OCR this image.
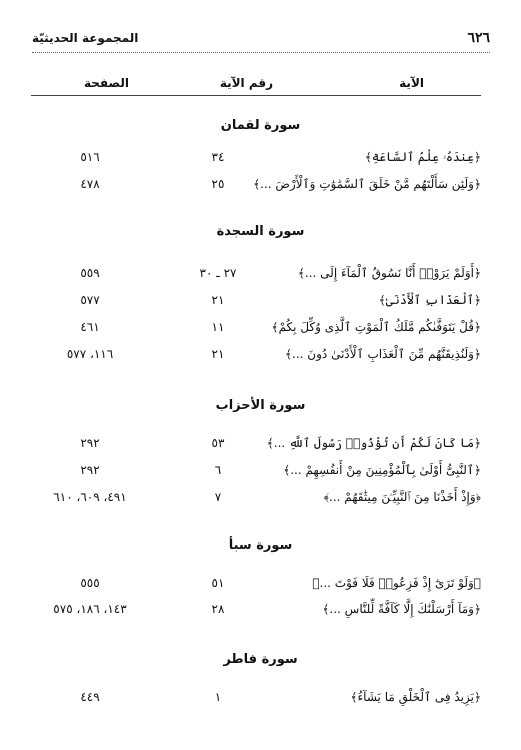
٦٢٦
المجموعة الحديثيّة
الآية
رقم الآية
الصفحة
سورة لقمان
﴿عِندَهُۥ عِلْمُ ٱلسَّاعَةِ﴾
٣٤
٥١٦
﴿وَلَئِن سَأَلْتَهُم مَّنْ خَلَقَ ٱلسَّمَٰوَٰتِ وَٱلْأَرْضَ ...﴾
٢٥
٤٧٨
سورة السجدة
﴿أَوَلَمْ يَرَوْا۟ أَنَّا نَسُوقُ ٱلْمَآءَ إِلَى ...﴾
٢٧ ـ ٣٠
٥٥٩
﴿ٱلْعَذَابِ ٱلْأَدْنَىٰ﴾
٢١
٥٧٧
﴿قُلْ يَتَوَفَّىٰكُم مَّلَكُ ٱلْمَوْتِ ٱلَّذِى وُكِّلَ بِكُمْ﴾
١١
٤٦١
﴿وَلَنُذِيقَنَّهُم مِّنَ ٱلْعَذَابِ ٱلْأَدْنَىٰ دُونَ ...﴾
٢١
١١٦، ٥٧٧
سورة الأحزاب
﴿مَا كَانَ لَكُمْ أَن تُؤْذُوا۟ رَسُولَ ٱللَّهِ ...﴾
٥٣
٢٩٢
﴿ٱلنَّبِىُّ أَوْلَىٰ بِٱلْمُؤْمِنِينَ مِنْ أَنفُسِهِمْ ...﴾
٦
٢٩٢
﴿وَإِذْ أَخَذْنَا مِنَ ٱلنَّبِيِّـۧنَ مِيثَٰقَهُمْ ...﴾
٧
٤٩١، ٦٠٩، ٦١٠
سورة سبأ
﴿وَلَوْ تَرَىٰٓ إِذْ فَزِعُوا۟ فَلَا فَوْتَ ...﴾
٥١
٥٥٥
﴿وَمَآ أَرْسَلْنَٰكَ إِلَّا كَآفَّةً لِّلنَّاسِ ...﴾
٢٨
١٤٣، ١٨٦، ٥٧٥
سورة فاطر
﴿يَزِيدُ فِى ٱلْخَلْقِ مَا يَشَآءُ﴾
١
٤٤٩
